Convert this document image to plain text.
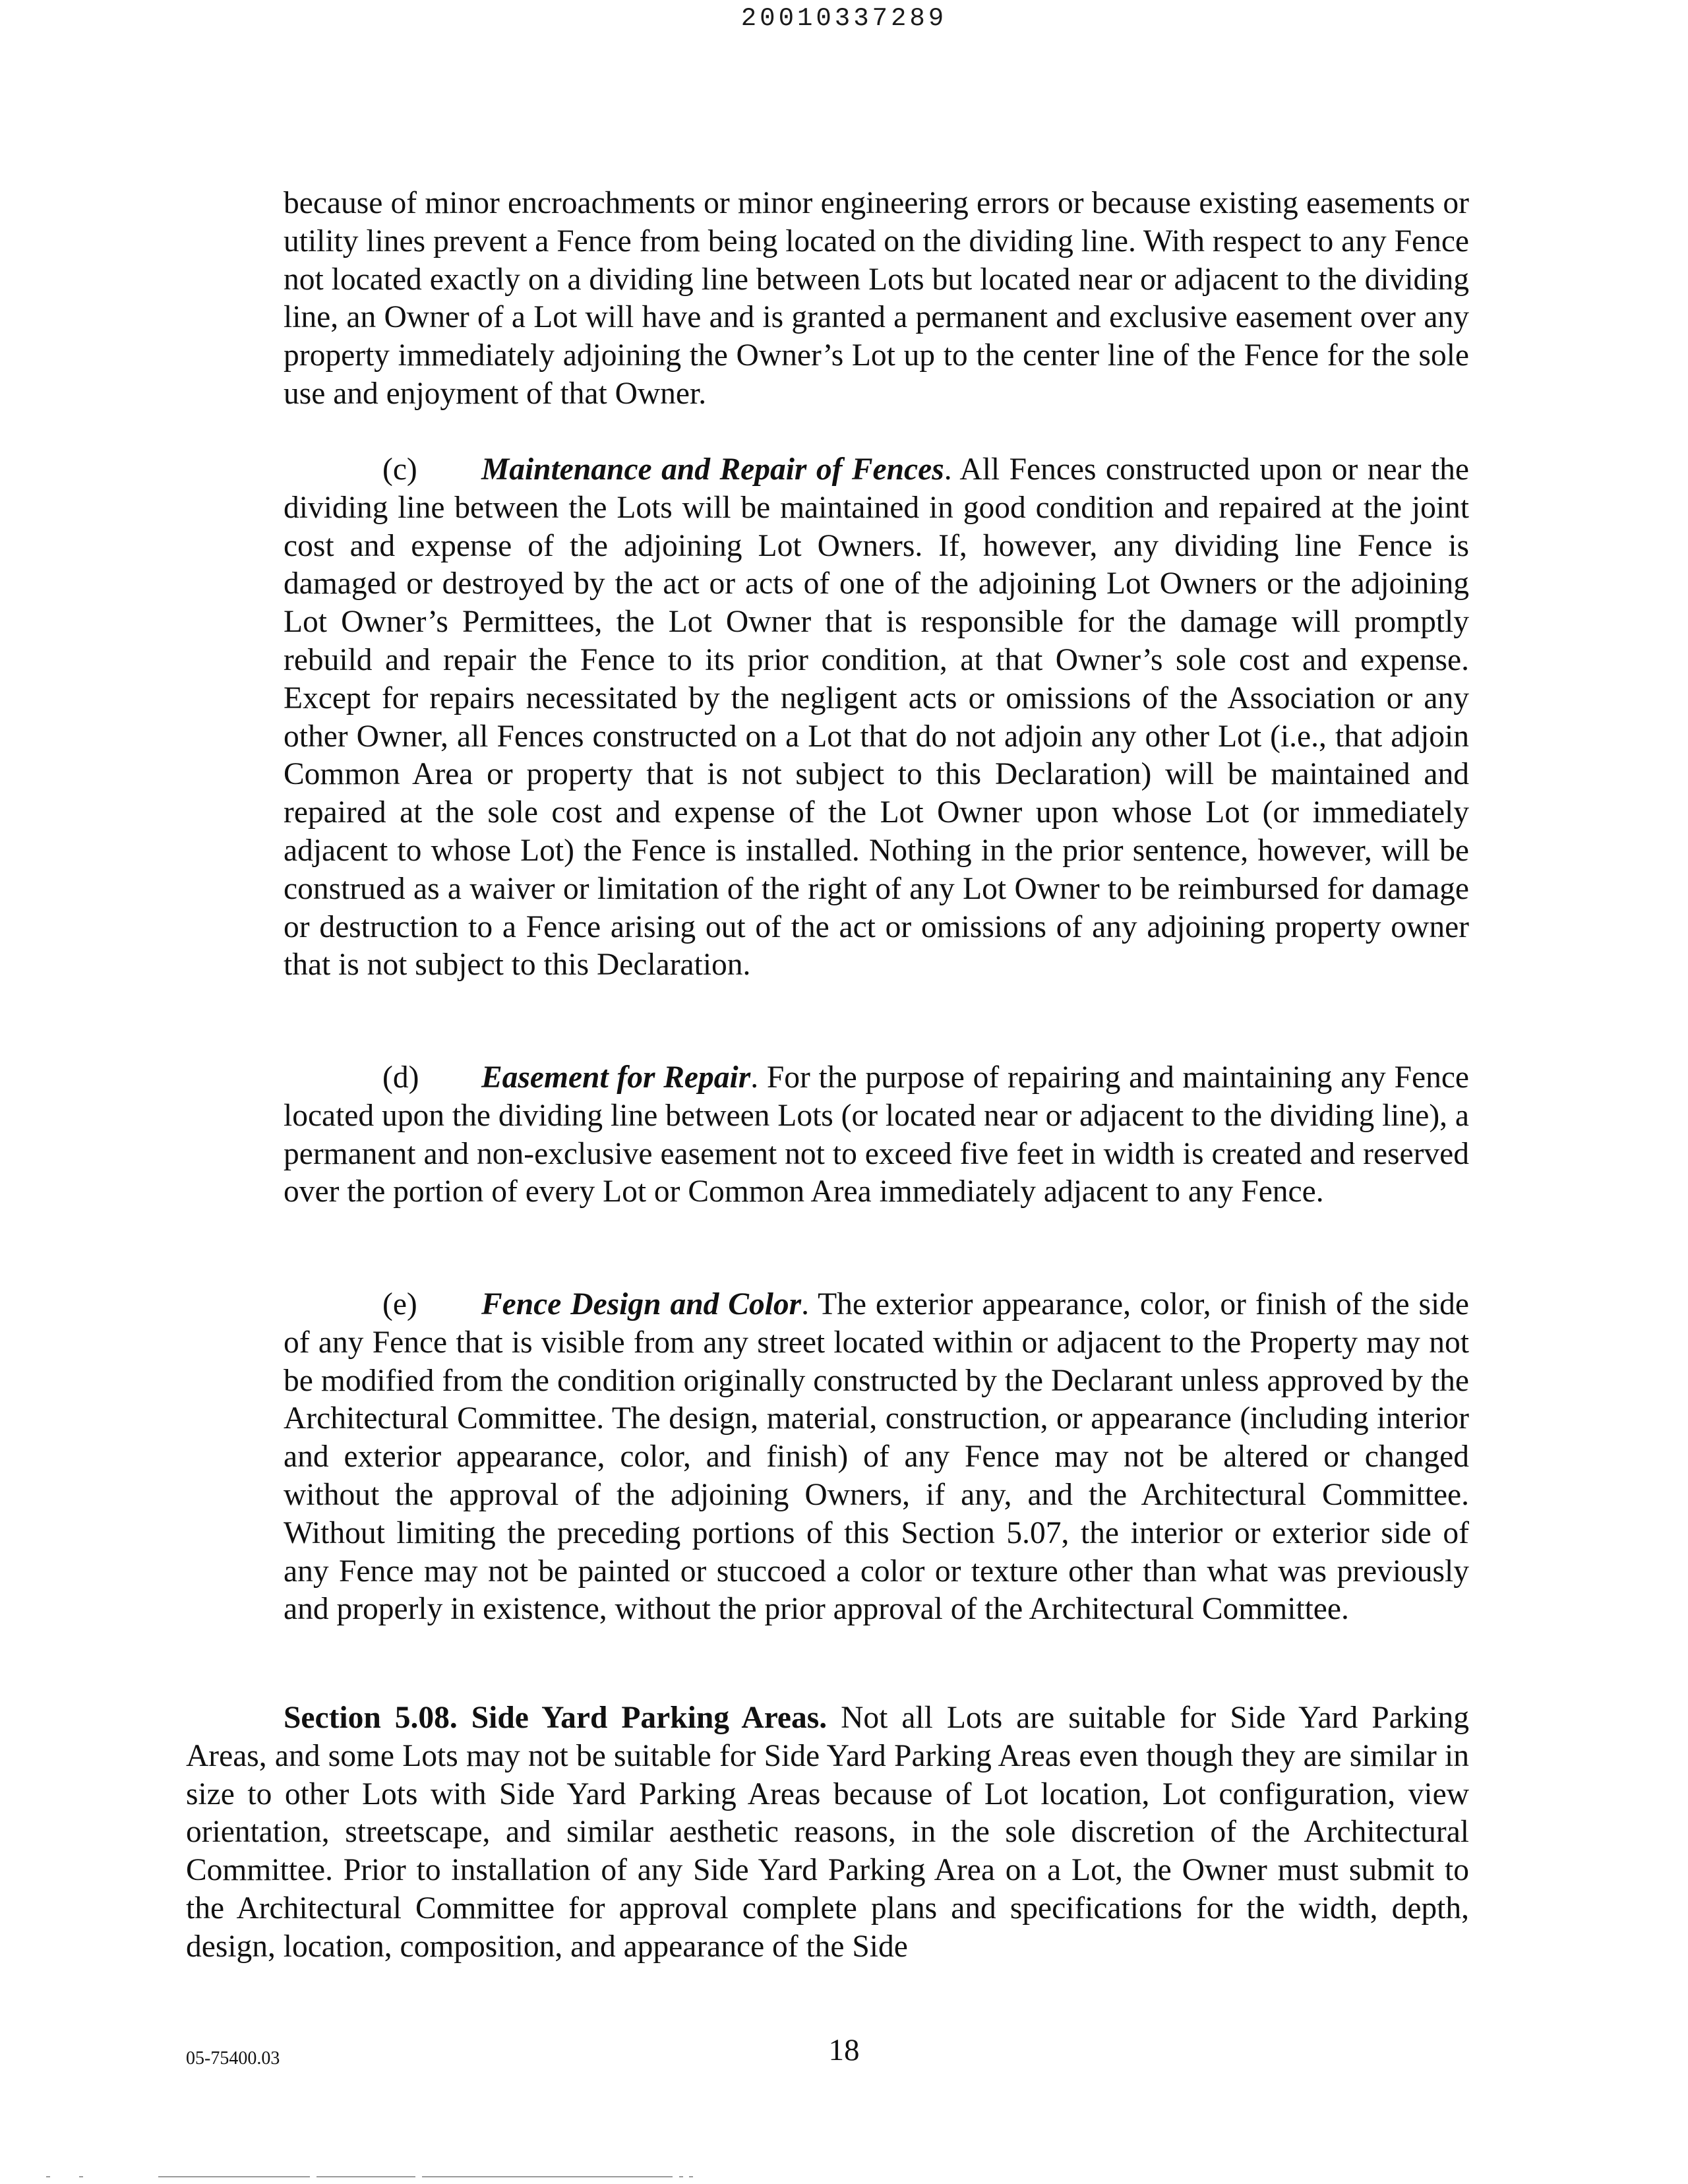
20010337289

because of minor encroachments or minor engineering errors or because existing easements or utility lines prevent a Fence from being located on the dividing line. With respect to any Fence not located exactly on a dividing line between Lots but located near or adjacent to the dividing line, an Owner of a Lot will have and is granted a permanent and exclusive easement over any property immediately adjoining the Owner’s Lot up to the center line of the Fence for the sole use and enjoyment of that Owner.

(c) Maintenance and Repair of Fences. All Fences constructed upon or near the dividing line between the Lots will be maintained in good condition and repaired at the joint cost and expense of the adjoining Lot Owners. If, however, any dividing line Fence is damaged or destroyed by the act or acts of one of the adjoining Lot Owners or the adjoining Lot Owner’s Permittees, the Lot Owner that is responsible for the damage will promptly rebuild and repair the Fence to its prior condition, at that Owner’s sole cost and expense. Except for repairs necessitated by the negligent acts or omissions of the Association or any other Owner, all Fences constructed on a Lot that do not adjoin any other Lot (i.e., that adjoin Common Area or property that is not subject to this Declaration) will be maintained and repaired at the sole cost and expense of the Lot Owner upon whose Lot (or immediately adjacent to whose Lot) the Fence is installed. Nothing in the prior sentence, however, will be construed as a waiver or limitation of the right of any Lot Owner to be reimbursed for damage or destruction to a Fence arising out of the act or omissions of any adjoining property owner that is not subject to this Declaration.

(d) Easement for Repair. For the purpose of repairing and maintaining any Fence located upon the dividing line between Lots (or located near or adjacent to the dividing line), a permanent and non-exclusive easement not to exceed five feet in width is created and reserved over the portion of every Lot or Common Area immediately adjacent to any Fence.

(e) Fence Design and Color. The exterior appearance, color, or finish of the side of any Fence that is visible from any street located within or adjacent to the Property may not be modified from the condition originally constructed by the Declarant unless approved by the Architectural Committee. The design, material, construction, or appearance (including interior and exterior appearance, color, and finish) of any Fence may not be altered or changed without the approval of the adjoining Owners, if any, and the Architectural Committee. Without limiting the preceding portions of this Section 5.07, the interior or exterior side of any Fence may not be painted or stuccoed a color or texture other than what was previously and properly in existence, without the prior approval of the Architectural Committee.

Section 5.08. Side Yard Parking Areas. Not all Lots are suitable for Side Yard Parking Areas, and some Lots may not be suitable for Side Yard Parking Areas even though they are similar in size to other Lots with Side Yard Parking Areas because of Lot location, Lot configuration, view orientation, streetscape, and similar aesthetic reasons, in the sole discretion of the Architectural Committee. Prior to installation of any Side Yard Parking Area on a Lot, the Owner must submit to the Architectural Committee for approval complete plans and specifications for the width, depth, design, location, composition, and appearance of the Side

05-75400.03	18
